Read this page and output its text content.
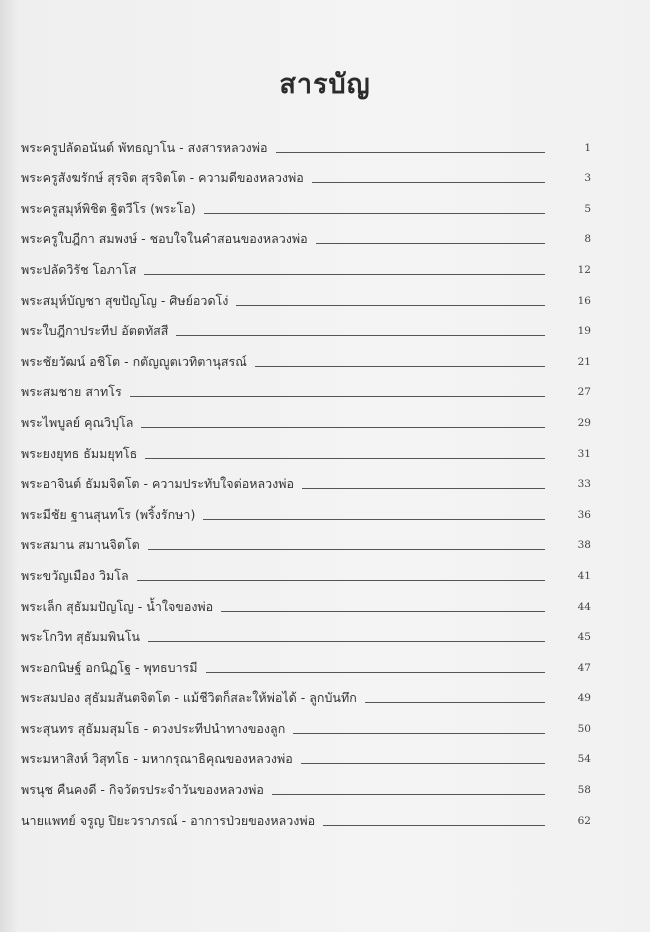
สารบัญ
พระครูปลัดอนันต์ พัทธญาโน - สงสารหลวงพ่อ	1
พระครูสังฆรักษ์ สุรจิต สุรจิตโต - ความดีของหลวงพ่อ	3
พระครูสมุห์พิชิต ฐิตวีโร (พระโอ)	5
พระครูใบฎีกา สมพงษ์ - ชอบใจในคำสอนของหลวงพ่อ	8
พระปลัดวิรัช โอภาโส	12
พระสมุห์บัญชา สุขปัญโญ - ศิษย์อวดโง่	16
พระใบฎีกาประทีป อัตตทัสสี	19
พระชัยวัฒน์ อชิโต - กตัญญูตเวทิตานุสรณ์	21
พระสมชาย สาทโร	27
พระไพบูลย์ คุณวิปุโล	29
พระยงยุทธ ธัมมยุทโธ	31
พระอาจินต์ ธัมมจิตโต - ความประทับใจต่อหลวงพ่อ	33
พระมีชัย ฐานสุนทโร (พริ้งรักษา)	36
พระสมาน สมานจิตโต	38
พระขวัญเมือง วิมโล	41
พระเล็ก สุธัมมปัญโญ - น้ำใจของพ่อ	44
พระโกวิท สุธัมมพินโน	45
พระอกนิษฐ์ อกนิฏโฐ - พุทธบารมี	47
พระสมปอง สุธัมมสันตจิตโต - แม้ชีวิตก็สละให้พ่อได้ - ลูกบันทึก	49
พระสุนทร สุธัมมสุมโธ - ดวงประทีปนำทางของลูก	50
พระมหาสิงห์ วิสุทโธ - มหากรุณาธิคุณของหลวงพ่อ	54
พรนุช คืนคงดี - กิจวัตรประจำวันของหลวงพ่อ	58
นายแพทย์ จรูญ ปิยะวราภรณ์ - อาการป่วยของหลวงพ่อ	62
